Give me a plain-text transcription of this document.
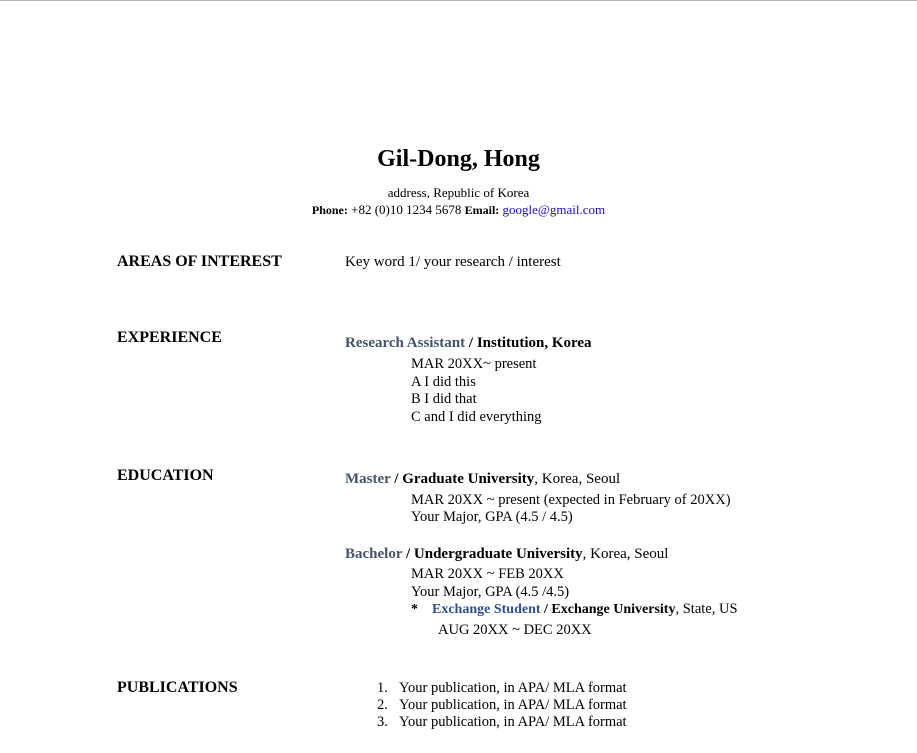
Gil-Dong, Hong
address, Republic of Korea
Phone: +82 (0)10 1234 5678 Email: google@gmail.com
AREAS OF INTEREST	Key word 1/ your research / interest
EXPERIENCE	Research Assistant / Institution, Korea
MAR 20XX~ present
A I did this
B I did that
C and I did everything
EDUCATION	Master / Graduate University, Korea, Seoul
MAR 20XX ~ present (expected in February of 20XX)
Your Major, GPA (4.5 / 4.5)
Bachelor / Undergraduate University, Korea, Seoul
MAR 20XX ~ FEB 20XX
Your Major, GPA (4.5 /4.5)
* Exchange Student / Exchange University, State, US
AUG 20XX ~ DEC 20XX
PUBLICATIONS	1. Your publication, in APA/ MLA format
2. Your publication, in APA/ MLA format
3. Your publication, in APA/ MLA format
